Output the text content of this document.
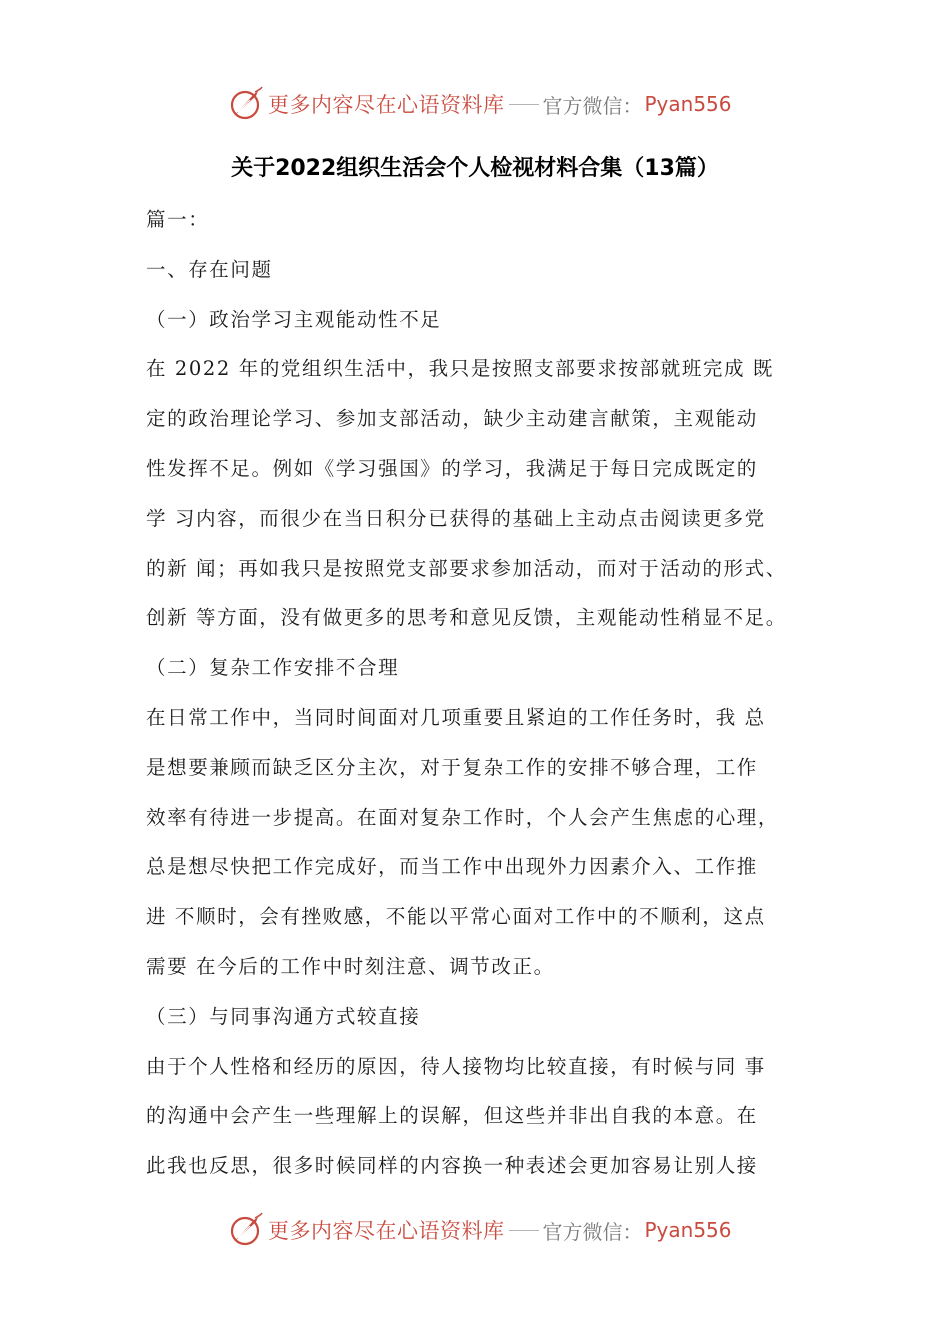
更多内容尽在心语资料库 官方微信： Pyan556
关于2022组织生活会个人检视材料合集（13篇）
篇一：
一、存在问题
（一）政治学习主观能动性不足
在 2022 年的党组织生活中，我只是按照支部要求按部就班完成 既
定的政治理论学习、参加支部活动，缺少主动建言献策，主观能动
性发挥不足。例如《学习强国》的学习，我满足于每日完成既定的
学 习内容，而很少在当日积分已获得的基础上主动点击阅读更多党
的新 闻；再如我只是按照党支部要求参加活动，而对于活动的形式、
创新 等方面，没有做更多的思考和意见反馈，主观能动性稍显不足。
（二）复杂工作安排不合理
在日常工作中，当同时间面对几项重要且紧迫的工作任务时，我 总
是想要兼顾而缺乏区分主次，对于复杂工作的安排不够合理，工作
效率有待进一步提高。在面对复杂工作时，个人会产生焦虑的心理，
总是想尽快把工作完成好，而当工作中出现外力因素介入、工作推
进 不顺时，会有挫败感，不能以平常心面对工作中的不顺利，这点
需要 在今后的工作中时刻注意、调节改正。
（三）与同事沟通方式较直接
由于个人性格和经历的原因，待人接物均比较直接，有时候与同 事
的沟通中会产生一些理解上的误解，但这些并非出自我的本意。在
此我也反思，很多时候同样的内容换一种表述会更加容易让别人接
更多内容尽在心语资料库 官方微信： Pyan556
